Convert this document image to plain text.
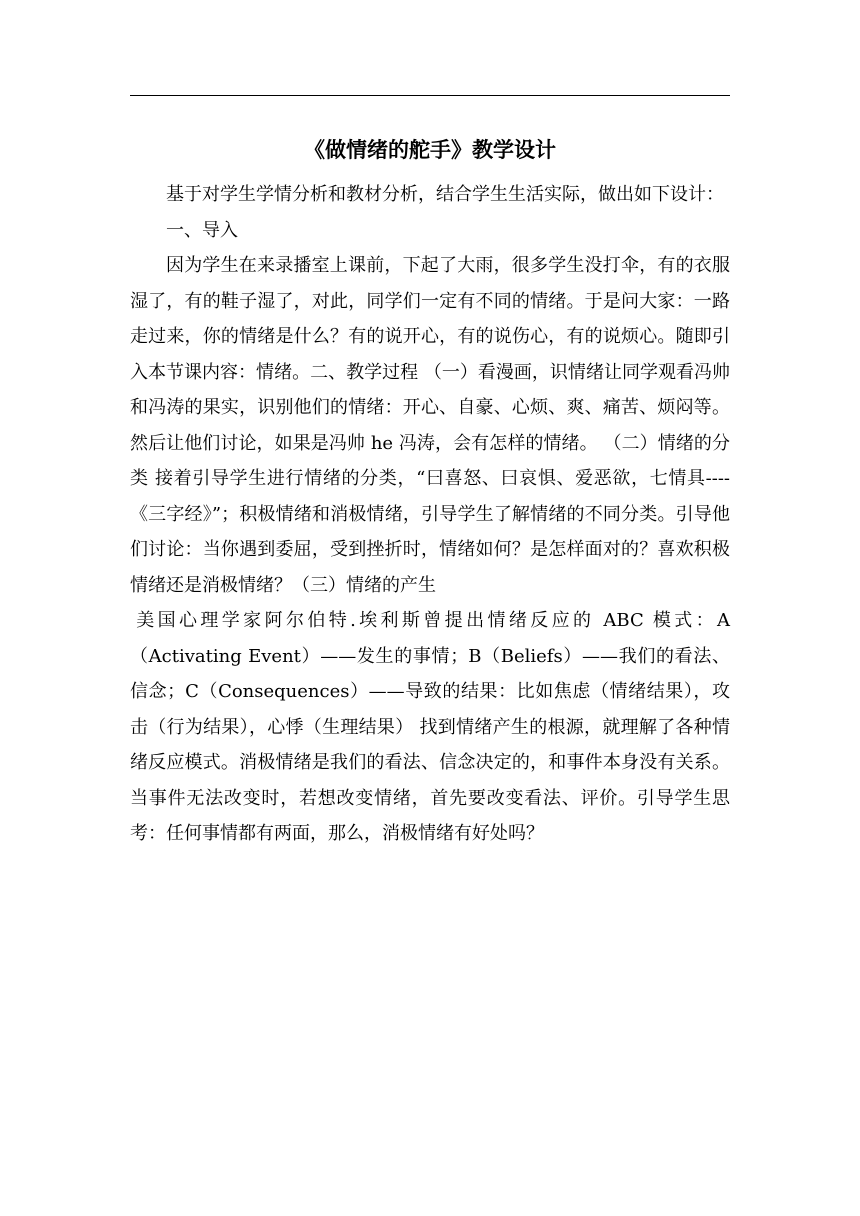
《做情绪的舵手》教学设计

基于对学生学情分析和教材分析，结合学生生活实际，做出如下设计：

一、导入

因为学生在来录播室上课前，下起了大雨，很多学生没打伞，有的衣服湿了，有的鞋子湿了，对此，同学们一定有不同的情绪。于是问大家：一路走过来，你的情绪是什么？有的说开心，有的说伤心，有的说烦心。随即引入本节课内容：情绪。二、教学过程 （一）看漫画，识情绪让同学观看冯帅和冯涛的果实，识别他们的情绪：开心、自豪、心烦、爽、痛苦、烦闷等。然后让他们讨论，如果是冯帅 he 冯涛，会有怎样的情绪。 （二）情绪的分类 接着引导学生进行情绪的分类，“曰喜怒、曰哀惧、爱恶欲，七情具----《三字经》”；积极情绪和消极情绪，引导学生了解情绪的不同分类。引导他们讨论：当你遇到委屈，受到挫折时，情绪如何？是怎样面对的？喜欢积极情绪还是消极情绪？（三）情绪的产生

美国心理学家阿尔伯特.埃利斯曾提出情绪反应的 ABC 模式：A（Activating Event）——发生的事情；B（Beliefs）——我们的看法、信念；C（Consequences）——导致的结果：比如焦虑（情绪结果），攻击（行为结果），心悸（生理结果） 找到情绪产生的根源，就理解了各种情绪反应模式。消极情绪是我们的看法、信念决定的，和事件本身没有关系。当事件无法改变时，若想改变情绪，首先要改变看法、评价。引导学生思考：任何事情都有两面，那么，消极情绪有好处吗？
